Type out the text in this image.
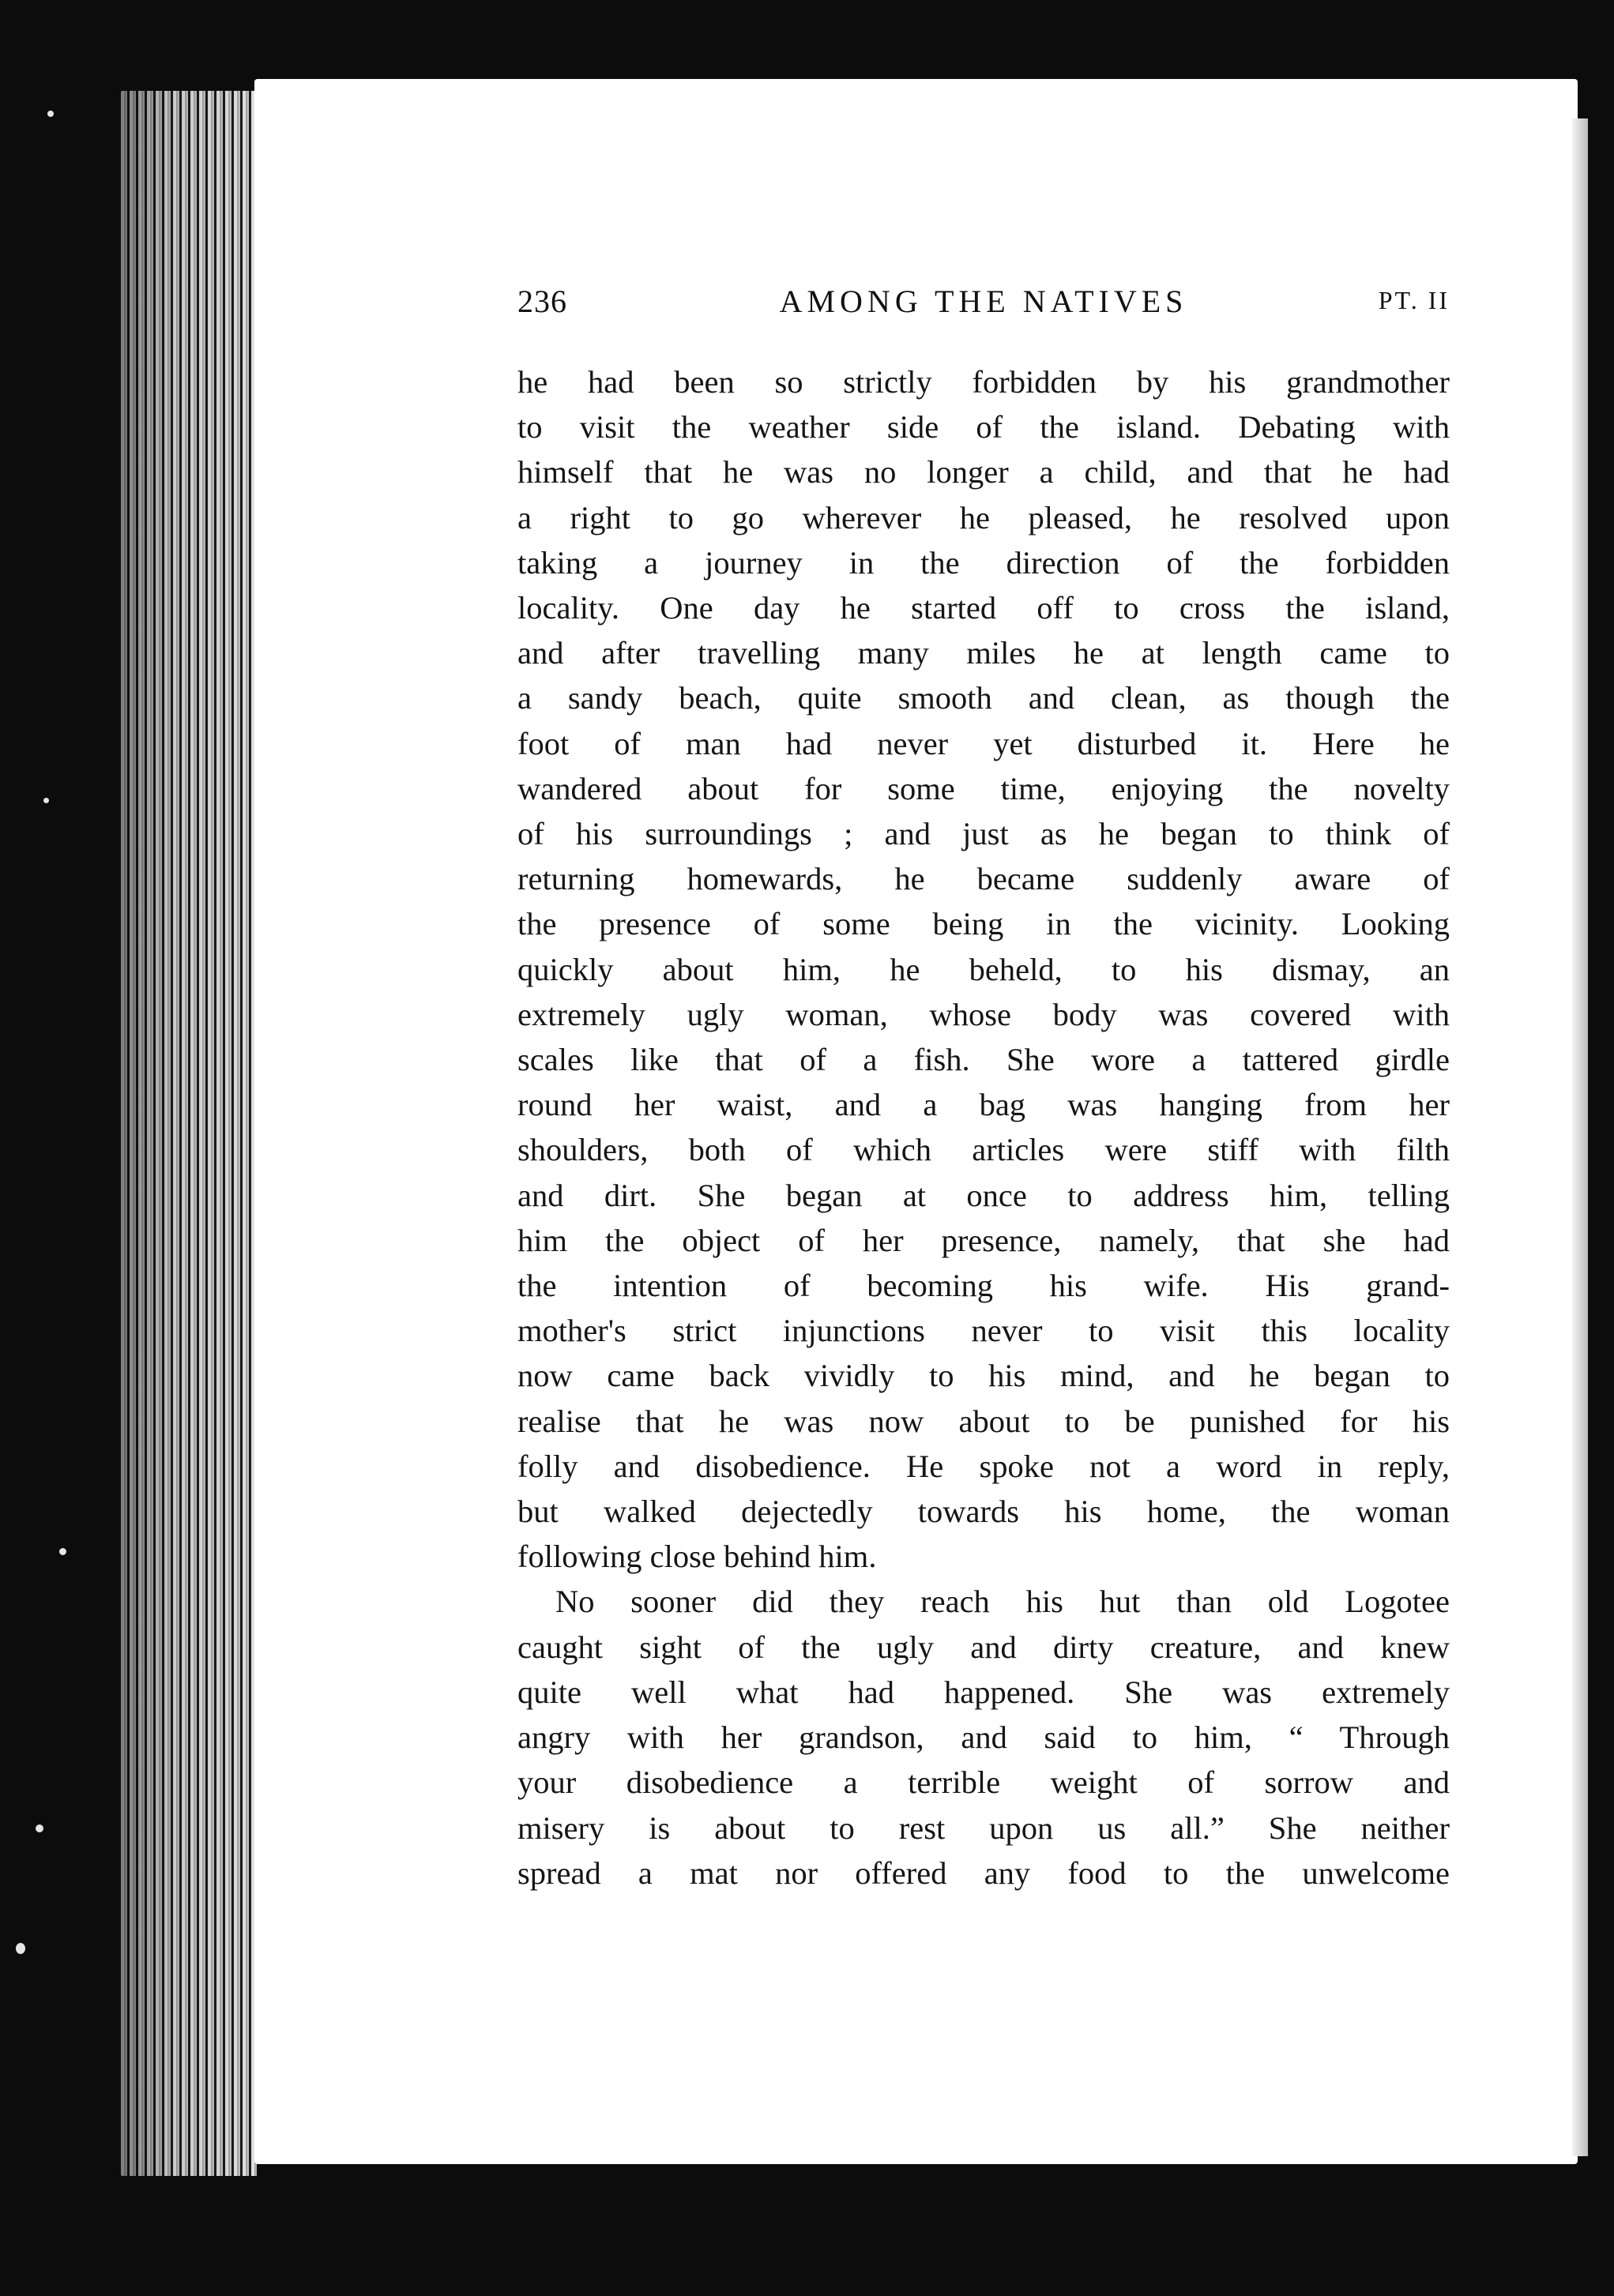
236	AMONG THE NATIVES	PT. II
he had been so strictly forbidden by his grandmother
to visit the weather side of the island. Debating with
himself that he was no longer a child, and that he had
a right to go wherever he pleased, he resolved upon
taking a journey in the direction of the forbidden
locality. One day he started off to cross the island,
and after travelling many miles he at length came to
a sandy beach, quite smooth and clean, as though the
foot of man had never yet disturbed it. Here he
wandered about for some time, enjoying the novelty
of his surroundings ; and just as he began to think of
returning homewards, he became suddenly aware of
the presence of some being in the vicinity. Looking
quickly about him, he beheld, to his dismay, an
extremely ugly woman, whose body was covered with
scales like that of a fish. She wore a tattered girdle
round her waist, and a bag was hanging from her
shoulders, both of which articles were stiff with filth
and dirt. She began at once to address him, telling
him the object of her presence, namely, that she had
the intention of becoming his wife. His grand-
mother's strict injunctions never to visit this locality
now came back vividly to his mind, and he began to
realise that he was now about to be punished for his
folly and disobedience. He spoke not a word in reply,
but walked dejectedly towards his home, the woman
following close behind him.
No sooner did they reach his hut than old Logotee
caught sight of the ugly and dirty creature, and knew
quite well what had happened. She was extremely
angry with her grandson, and said to him, “ Through
your disobedience a terrible weight of sorrow and
misery is about to rest upon us all.” She neither
spread a mat nor offered any food to the unwelcome
